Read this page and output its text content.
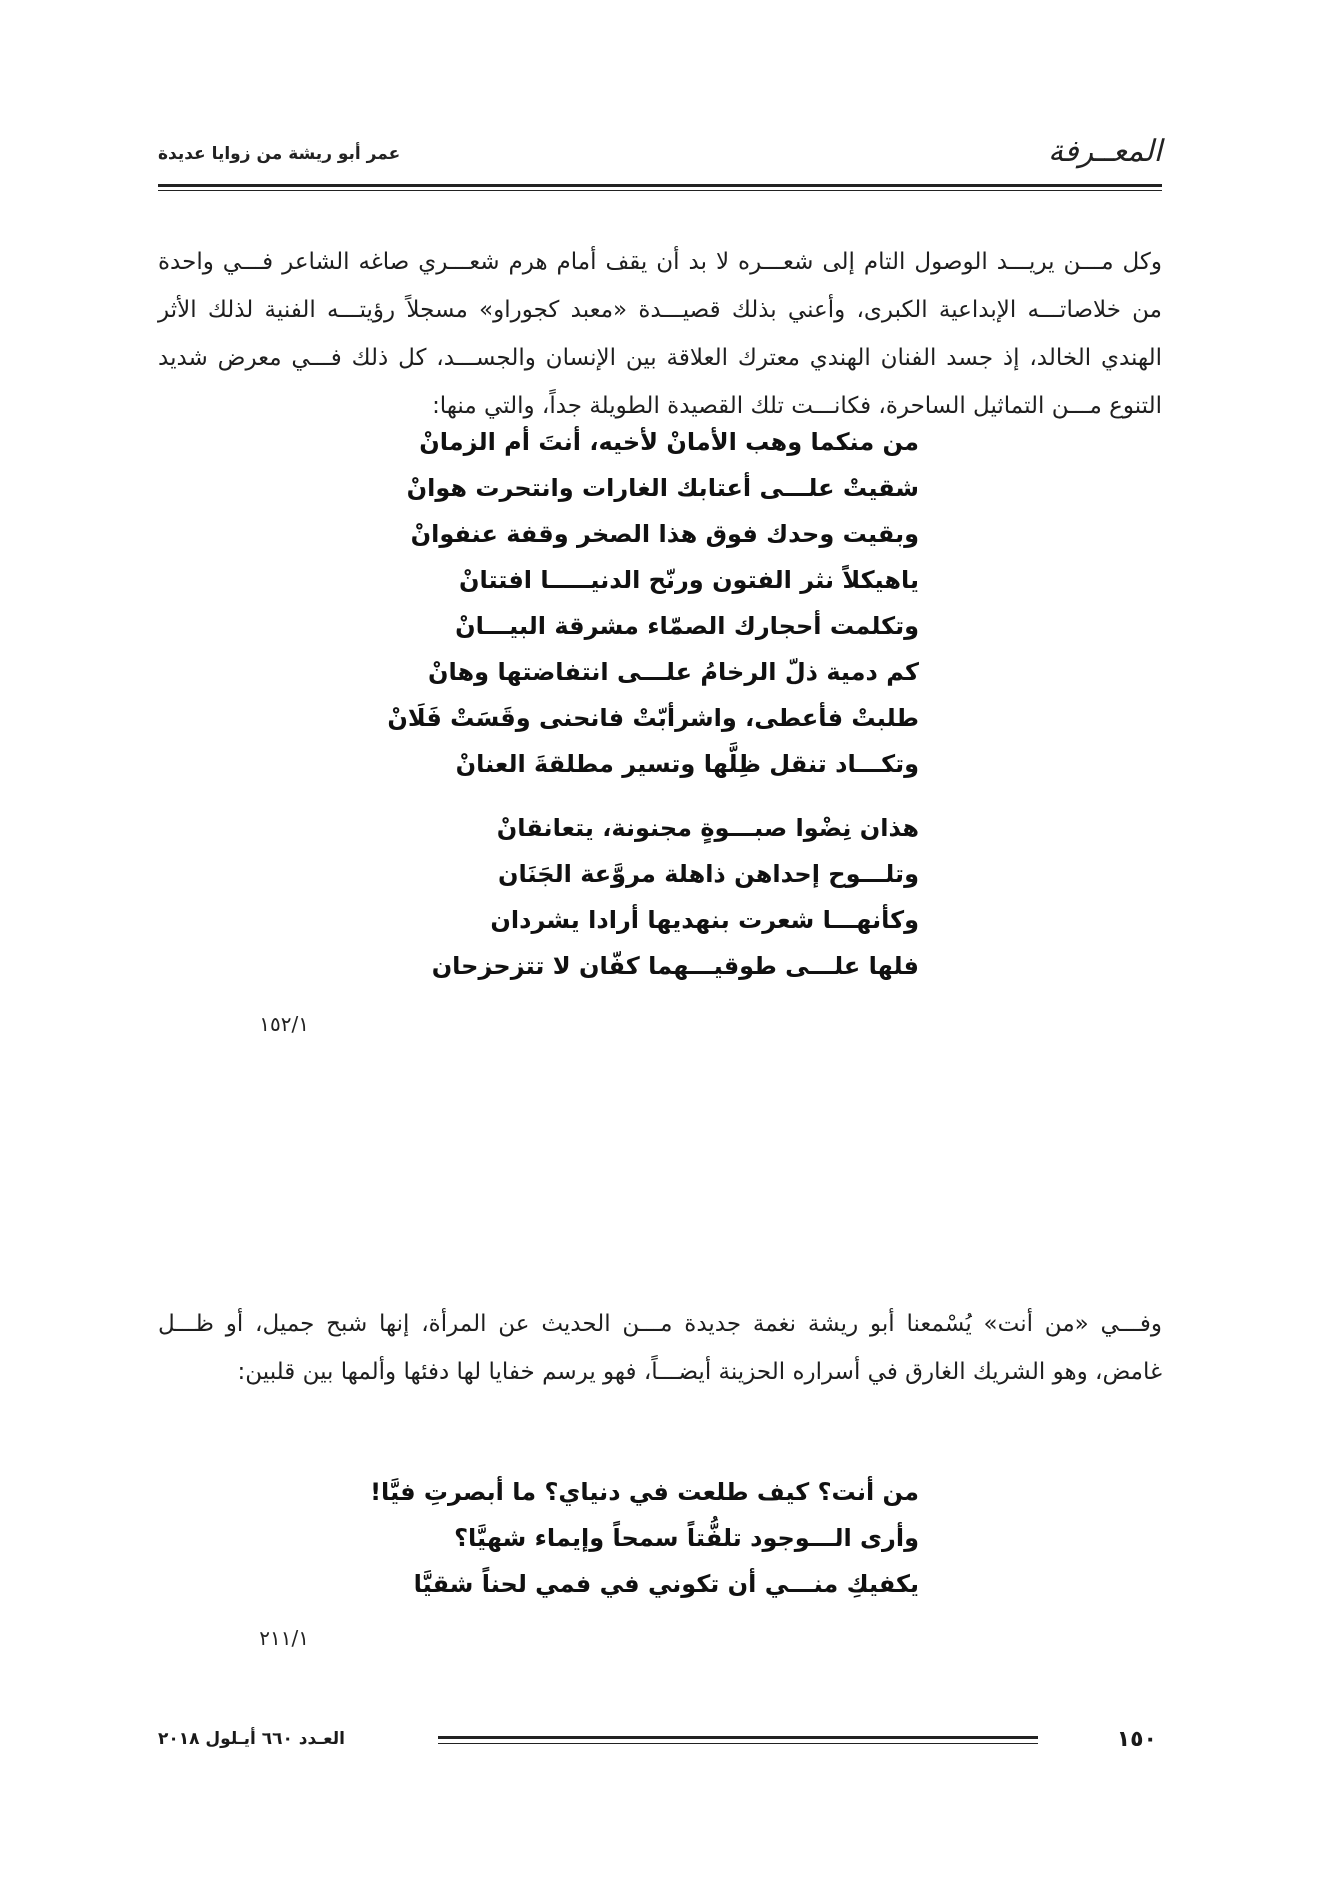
المعــرفة
عمر أبو ريشة من زوايا عديدة
وكل مـــن يريـــد الوصول التام إلى شعـــره لا بد أن يقف أمام هرم شعـــري صاغه الشاعر فـــي واحدة من خلاصاتـــه الإبداعية الكبرى، وأعني بذلك قصيـــدة «معبد كجوراو» مسجلاً رؤيتـــه الفنية لذلك الأثر الهندي الخالد، إذ جسد الفنان الهندي معترك العلاقة بين الإنسان والجســـد، كل ذلك فـــي معرض شديد التنوع مـــن التماثيل الساحرة، فكانـــت تلك القصيدة الطويلة جداً، والتي منها:
من منكما وهب الأمانْ لأخيه، أنتَ أم الزمانْ
شقيتْ علـــى أعتابك الغارات وانتحرت هوانْ
وبقيت وحدك فوق هذا الصخر وقفة عنفوانْ
ياهيكلاً نثر الفتون ورنّح الدنيـــــا افتتانْ
وتكلمت أحجارك الصمّاء مشرقة البيـــانْ
كم دمية ذلّ الرخامُ علـــى انتفاضتها وهانْ
طلبتْ فأعطى، واشرأبّتْ فانحنى وقَسَتْ فَلَانْ
وتكـــاد تنقل ظِلَّها وتسير مطلقةَ العنانْ
هذان نِضْوا صبـــوةٍ مجنونة، يتعانقانْ
وتلـــوح إحداهن ذاهلة مروَّعة الجَنَان
وكأنهـــا شعرت بنهديها أرادا يشردان
فلها علـــى طوقيـــهما كفّان لا تتزحزحان
١٥٢/١
وفـــي «من أنت» يُسْمعنا أبو ريشة نغمة جديدة مـــن الحديث عن المرأة، إنها شبح جميل، أو ظـــل غامض، وهو الشريك الغارق في أسراره الحزينة أيضـــاً، فهو يرسم خفايا لها دفئها وألمها بين قلبين:
من أنت؟ كيف طلعت في دنياي؟ ما أبصرتِ فيَّا!
وأرى الـــوجود تلفُّتاً سمحاً وإيماء شهيَّا؟
يكفيكِ منـــي أن تكوني في فمي لحناً شقيَّا
٢١١/١
١٥٠
العـدد ٦٦٠ أيـلول ٢٠١٨
